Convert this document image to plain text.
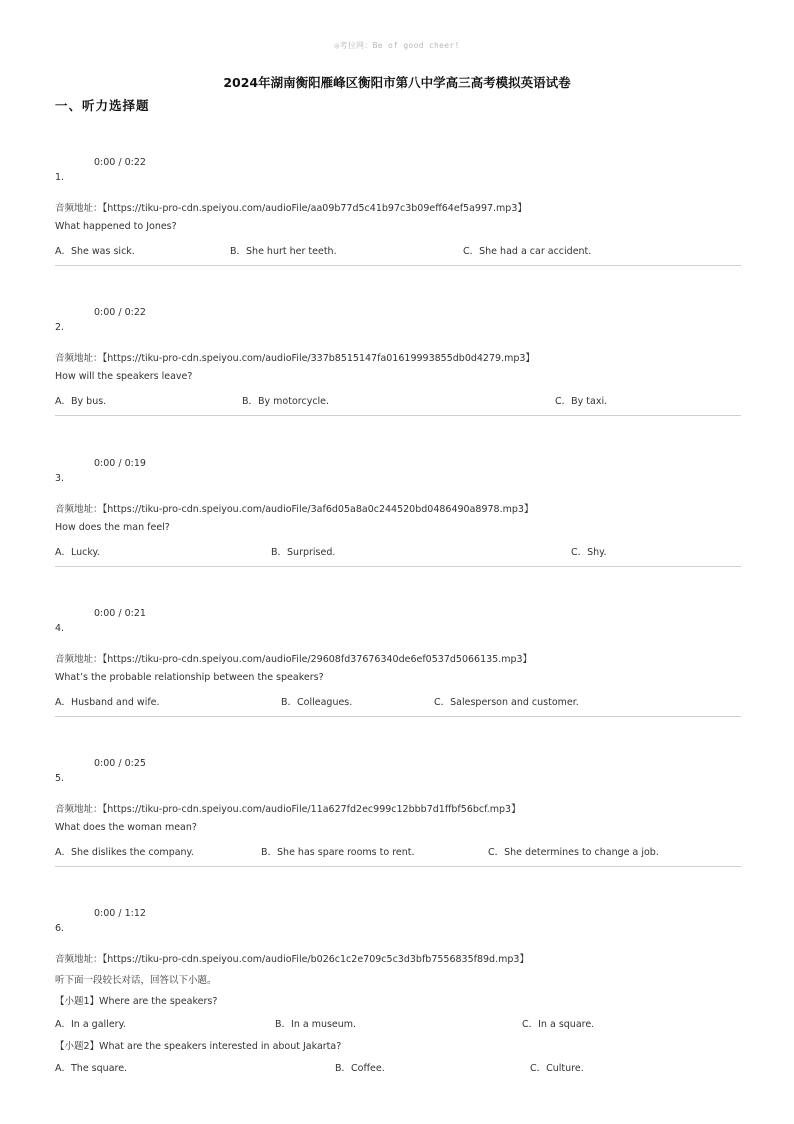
◎考拉网：Be of good cheer!
2024年湖南衡阳雁峰区衡阳市第八中学高三高考模拟英语试卷
一、听力选择题
0:00 / 0:22
1.
音频地址：【https://tiku-pro-cdn.speiyou.com/audioFile/aa09b77d5c41b97c3b09eff64ef5a997.mp3】
What happened to Jones?
A．She was sick.	B．She hurt her teeth.	C．She had a car accident.
0:00 / 0:22
2.
音频地址：【https://tiku-pro-cdn.speiyou.com/audioFile/337b8515147fa01619993855db0d4279.mp3】
How will the speakers leave?
A．By bus.	B．By motorcycle.	C．By taxi.
0:00 / 0:19
3.
音频地址：【https://tiku-pro-cdn.speiyou.com/audioFile/3af6d05a8a0c244520bd0486490a8978.mp3】
How does the man feel?
A．Lucky.	B．Surprised.	C．Shy.
0:00 / 0:21
4.
音频地址：【https://tiku-pro-cdn.speiyou.com/audioFile/29608fd37676340de6ef0537d5066135.mp3】
What’s the probable relationship between the speakers?
A．Husband and wife.	B．Colleagues.	C．Salesperson and customer.
0:00 / 0:25
5.
音频地址：【https://tiku-pro-cdn.speiyou.com/audioFile/11a627fd2ec999c12bbb7d1ffbf56bcf.mp3】
What does the woman mean?
A．She dislikes the company.	B．She has spare rooms to rent.	C．She determines to change a job.
0:00 / 1:12
6.
音频地址：【https://tiku-pro-cdn.speiyou.com/audioFile/b026c1c2e709c5c3d3bfb7556835f89d.mp3】
听下面一段较长对话，回答以下小题。
【小题1】Where are the speakers?
A．In a gallery.	B．In a museum.	C．In a square.
【小题2】What are the speakers interested in about Jakarta?
A．The square.	B．Coffee.	C．Culture.
